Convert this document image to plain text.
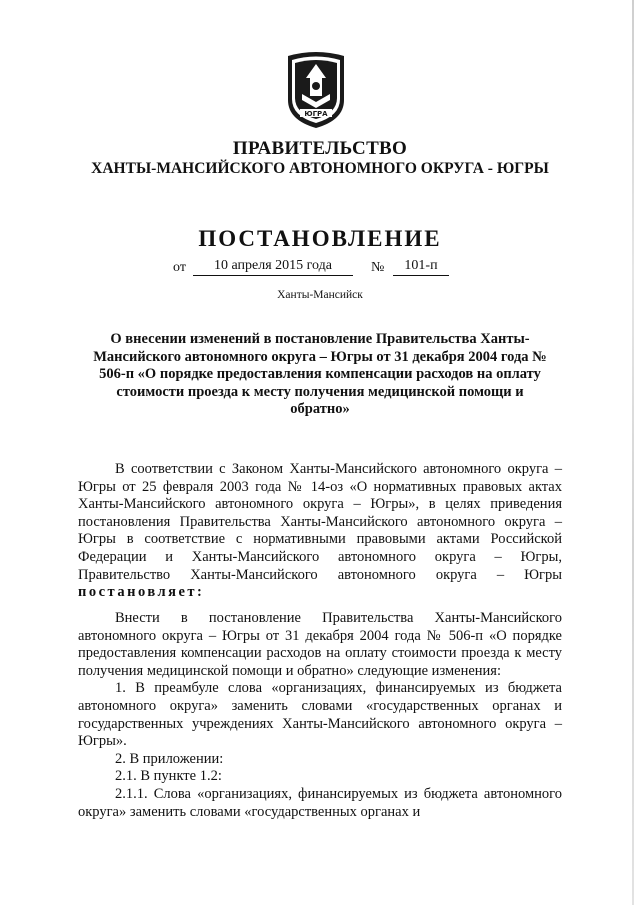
ЮГРА
ПРАВИТЕЛЬСТВО
ХАНТЫ-МАНСИЙСКОГО АВТОНОМНОГО ОКРУГА - ЮГРЫ
ПОСТАНОВЛЕНИЕ
от	10 апреля 2015 года	№	101-п
Ханты-Мансийск
О внесении изменений в постановление Правительства Ханты-Мансийского автономного округа – Югры от 31 декабря 2004 года № 506-п «О порядке предоставления компенсации расходов на оплату стоимости проезда к месту получения медицинской помощи и обратно»

В соответствии с Законом Ханты-Мансийского автономного округа – Югры от 25 февраля 2003 года № 14-оз «О нормативных правовых актах Ханты-Мансийского автономного округа – Югры», в целях приведения постановления Правительства Ханты-Мансийского автономного округа – Югры в соответствие с нормативными правовыми актами Российской Федерации и Ханты-Мансийского автономного округа – Югры, Правительство Ханты-Мансийского автономного округа – Югры постановляет:

Внести в постановление Правительства Ханты-Мансийского автономного округа – Югры от 31 декабря 2004 года № 506-п «О порядке предоставления компенсации расходов на оплату стоимости проезда к месту получения медицинской помощи и обратно» следующие изменения:

1. В преамбуле слова «организациях, финансируемых из бюджета автономного округа» заменить словами «государственных органах и государственных учреждениях Ханты-Мансийского автономного округа – Югры».

2. В приложении:

2.1. В пункте 1.2:

2.1.1. Слова «организациях, финансируемых из бюджета автономного округа» заменить словами «государственных органах и
